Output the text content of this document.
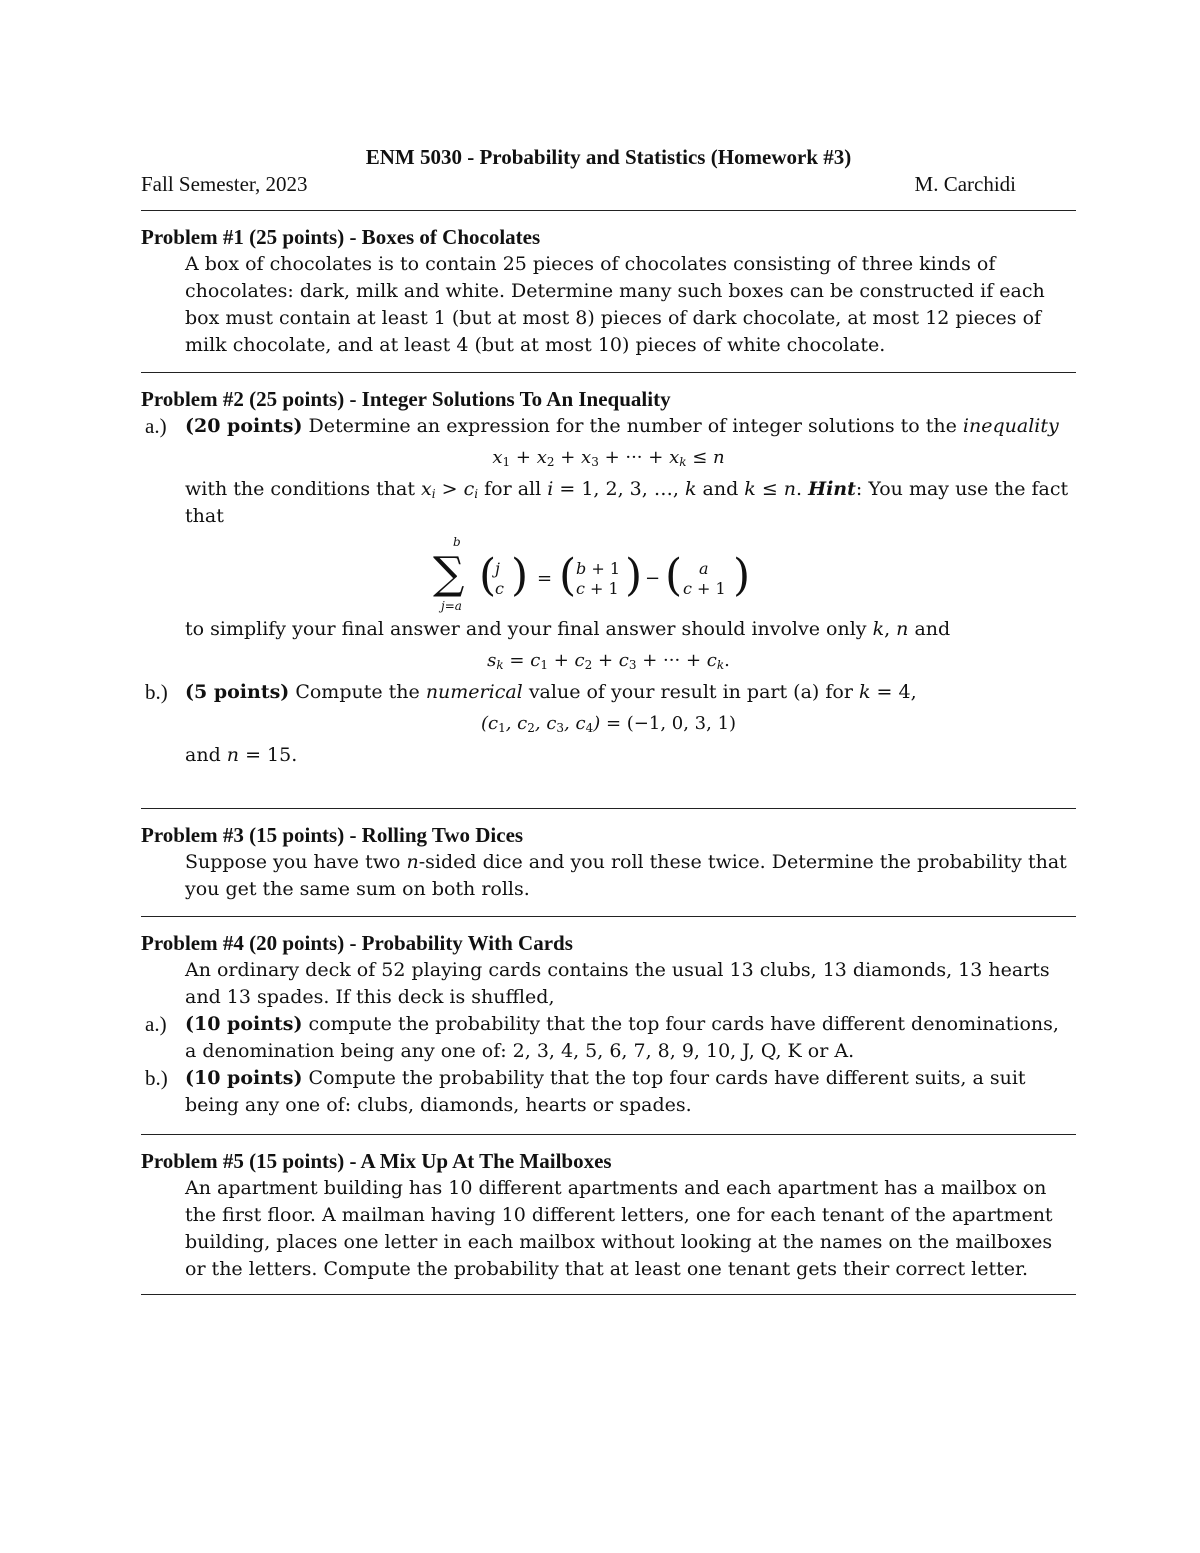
ENM 5030 - Probability and Statistics (Homework #3)
Fall Semester, 2023	M. Carchidi
Problem #1 (25 points) - Boxes of Chocolates
A box of chocolates is to contain 25 pieces of chocolates consisting of three kinds of chocolates: dark, milk and white. Determine many such boxes can be constructed if each box must contain at least 1 (but at most 8) pieces of dark chocolate, at most 12 pieces of milk chocolate, and at least 4 (but at most 10) pieces of white chocolate.
Problem #2 (25 points) - Integer Solutions To An Inequality
a.) (20 points) Determine an expression for the number of integer solutions to the inequality
$x_1 + x_2 + x_3$ + ··· + $x_k \le n$
with the conditions that $x_i > c_i$ for all i = 1, 2, 3, …, k and k ≤ n. Hint: You may use the fact that
b
∑
j=a
(
j
c ) = ( b + 1
c + 1 ) − ( a
c + 1 )
to simplify your final answer and your final answer should involve only k, n and
$s_k = c_1 + c_2 + c_3$ + ··· + $c_k$.
b.) (5 points) Compute the numerical value of your result in part (a) for k = 4,
($c_1$, $c_2$, $c_3$, $c_4) = (-1$, 0, 3, 1)
and n = 15.
Problem #3 (15 points) - Rolling Two Dices
Suppose you have two n-sided dice and you roll these twice. Determine the probability that you get the same sum on both rolls.
Problem #4 (20 points) - Probability With Cards
An ordinary deck of 52 playing cards contains the usual 13 clubs, 13 diamonds, 13 hearts and 13 spades. If this deck is shuffled,
a.) (10 points) compute the probability that the top four cards have different denominations, a denomination being any one of: 2, 3, 4, 5, 6, 7, 8, 9, 10, J, Q, K or A.
b.) (10 points) Compute the probability that the top four cards have different suits, a suit being any one of: clubs, diamonds, hearts or spades.
Problem #5 (15 points) - A Mix Up At The Mailboxes
An apartment building has 10 different apartments and each apartment has a mailbox on the first floor. A mailman having 10 different letters, one for each tenant of the apartment building, places one letter in each mailbox without looking at the names on the mailboxes or the letters. Compute the probability that at least one tenant gets their correct letter.
